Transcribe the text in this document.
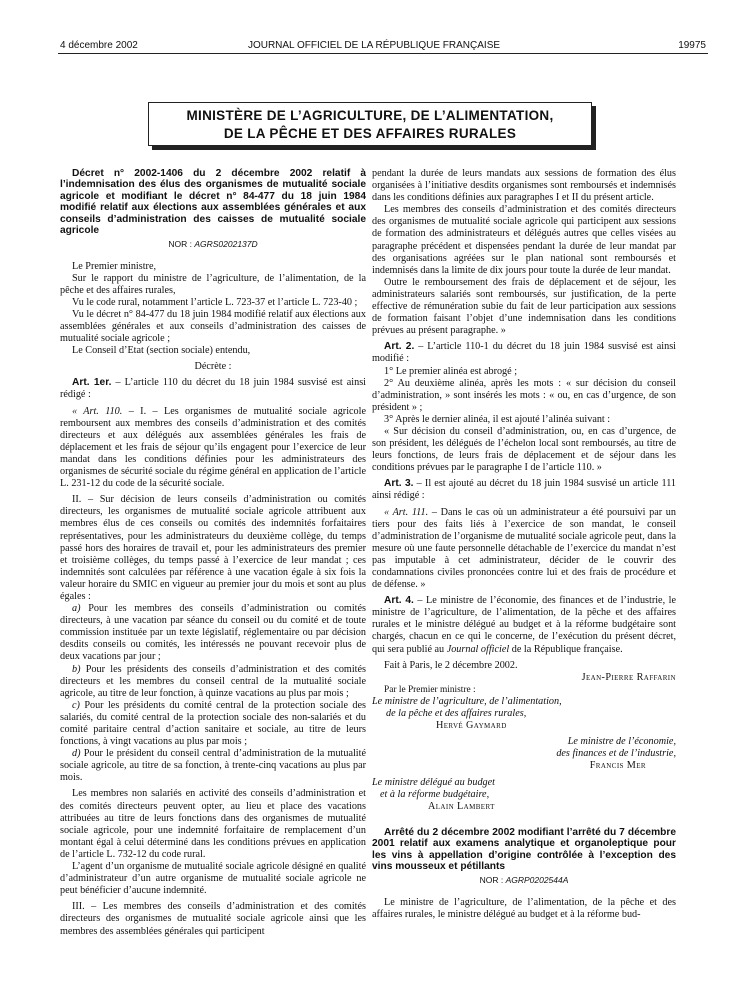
4 décembre 2002	JOURNAL OFFICIEL DE LA RÉPUBLIQUE FRANÇAISE	19975
MINISTÈRE DE L’AGRICULTURE, DE L’ALIMENTATION,
DE LA PÊCHE ET DES AFFAIRES RURALES

Décret n° 2002-1406 du 2 décembre 2002 relatif à l’indemnisation des élus des organismes de mutualité sociale agricole et modifiant le décret n° 84-477 du 18 juin 1984 modifié relatif aux élections aux assemblées générales et aux conseils d’administration des caisses de mutualité sociale agricole

NOR : AGRS0202137D

Le Premier ministre,

Sur le rapport du ministre de l’agriculture, de l’alimentation, de la pêche et des affaires rurales,

Vu le code rural, notamment l’article L. 723-37 et l’article L. 723-40 ;

Vu le décret n° 84-477 du 18 juin 1984 modifié relatif aux élections aux assemblées générales et aux conseils d’administration des caisses de mutualité sociale agricole ;

Le Conseil d’Etat (section sociale) entendu,

Décrète :

Art. 1er. – L’article 110 du décret du 18 juin 1984 susvisé est ainsi rédigé :

« Art. 110. – I. – Les organismes de mutualité sociale agricole remboursent aux membres des conseils d’administration et des comités directeurs et aux délégués aux assemblées générales les frais de déplacement et les frais de séjour qu’ils engagent pour l’exercice de leur mandat dans les conditions définies pour les administrateurs des organismes de sécurité sociale du régime général en application de l’article L. 231-12 du code de la sécurité sociale.

II. – Sur décision de leurs conseils d’administration ou comités directeurs, les organismes de mutualité sociale agricole attribuent aux membres élus de ces conseils ou comités des indemnités forfaitaires représentatives, pour les administrateurs du deuxième collège, du temps passé hors des horaires de travail et, pour les administrateurs des premier et troisième collèges, du temps passé à l’exercice de leur mandat ; ces indemnités sont calculées par référence à une vacation égale à six fois la valeur horaire du SMIC en vigueur au premier jour du mois et sont au plus égales :

a) Pour les membres des conseils d’administration ou comités directeurs, à une vacation par séance du conseil ou du comité et de toute commission instituée par un texte législatif, réglementaire ou par décision desdits conseils ou comités, les intéressés ne pouvant recevoir plus de deux vacations par jour ;

b) Pour les présidents des conseils d’administration et des comités directeurs et les membres du conseil central de la mutualité sociale agricole, au titre de leur fonction, à quinze vacations au plus par mois ;

c) Pour les présidents du comité central de la protection sociale des salariés, du comité central de la protection sociale des non-salariés et du comité paritaire central d’action sanitaire et sociale, au titre de leurs fonctions, à vingt vacations au plus par mois ;

d) Pour le président du conseil central d’administration de la mutualité sociale agricole, au titre de sa fonction, à trente-cinq vacations au plus par mois.

Les membres non salariés en activité des conseils d’administration et des comités directeurs peuvent opter, au lieu et place des vacations attribuées au titre de leurs fonctions dans des organismes de mutualité sociale agricole, pour une indemnité forfaitaire de remplacement d’un montant égal à celui déterminé dans les conditions prévues en application de l’article L. 732-12 du code rural.

L’agent d’un organisme de mutualité sociale agricole désigné en qualité d’administrateur d’un autre organisme de mutualité sociale agricole ne peut bénéficier d’aucune indemnité.

III. – Les membres des conseils d’administration et des comités directeurs des organismes de mutualité sociale agricole ainsi que les membres des assemblées générales qui participent

pendant la durée de leurs mandats aux sessions de formation des élus organisées à l’initiative desdits organismes sont remboursés et indemnisés dans les conditions définies aux paragraphes I et II du présent article.

Les membres des conseils d’administration et des comités directeurs des organismes de mutualité sociale agricole qui participent aux sessions de formation des administrateurs et délégués autres que celles visées au paragraphe précédent et dispensées pendant la durée de leur mandat par des organisations agréées sur le plan national sont remboursés et indemnisés dans la limite de dix jours pour toute la durée de leur mandat.

Outre le remboursement des frais de déplacement et de séjour, les administrateurs salariés sont remboursés, sur justification, de la perte effective de rémunération subie du fait de leur participation aux sessions de formation faisant l’objet d’une indemnisation dans les conditions prévues au présent paragraphe. »

Art. 2. – L’article 110-1 du décret du 18 juin 1984 susvisé est ainsi modifié :

1° Le premier alinéa est abrogé ;

2° Au deuxième alinéa, après les mots : « sur décision du conseil d’administration, » sont insérés les mots : « ou, en cas d’urgence, de son président » ;

3° Après le dernier alinéa, il est ajouté l’alinéa suivant :

« Sur décision du conseil d’administration, ou, en cas d’urgence, de son président, les délégués de l’échelon local sont remboursés, au titre de leurs fonctions, de leurs frais de déplacement et de séjour dans les conditions prévues par le paragraphe I de l’article 110. »

Art. 3. – Il est ajouté au décret du 18 juin 1984 susvisé un article 111 ainsi rédigé :

« Art. 111. – Dans le cas où un administrateur a été poursuivi par un tiers pour des faits liés à l’exercice de son mandat, le conseil d’administration de l’organisme de mutualité sociale agricole peut, dans la mesure où une faute personnelle détachable de l’exercice du mandat n’est pas imputable à cet administrateur, décider de le couvrir des condamnations civiles prononcées contre lui et des frais de procédure et de défense. »

Art. 4. – Le ministre de l’économie, des finances et de l’industrie, le ministre de l’agriculture, de l’alimentation, de la pêche et des affaires rurales et le ministre délégué au budget et à la réforme budgétaire sont chargés, chacun en ce qui le concerne, de l’exécution du présent décret, qui sera publié au Journal officiel de la République française.

Fait à Paris, le 2 décembre 2002.

Jean-Pierre Raffarin
Par le Premier ministre :
Le ministre de l’agriculture, de l’alimentation,
de la pêche et des affaires rurales,
Hervé Gaymard
Le ministre de l’économie,
des finances et de l’industrie,
Francis Mer
Le ministre délégué au budget
et à la réforme budgétaire,
Alain Lambert

Arrêté du 2 décembre 2002 modifiant l’arrêté du 7 décembre 2001 relatif aux examens analytique et organoleptique pour les vins à appellation d’origine contrôlée à l’exception des vins mousseux et pétillants

NOR : AGRP0202544A

Le ministre de l’agriculture, de l’alimentation, de la pêche et des affaires rurales, le ministre délégué au budget et à la réforme bud-
